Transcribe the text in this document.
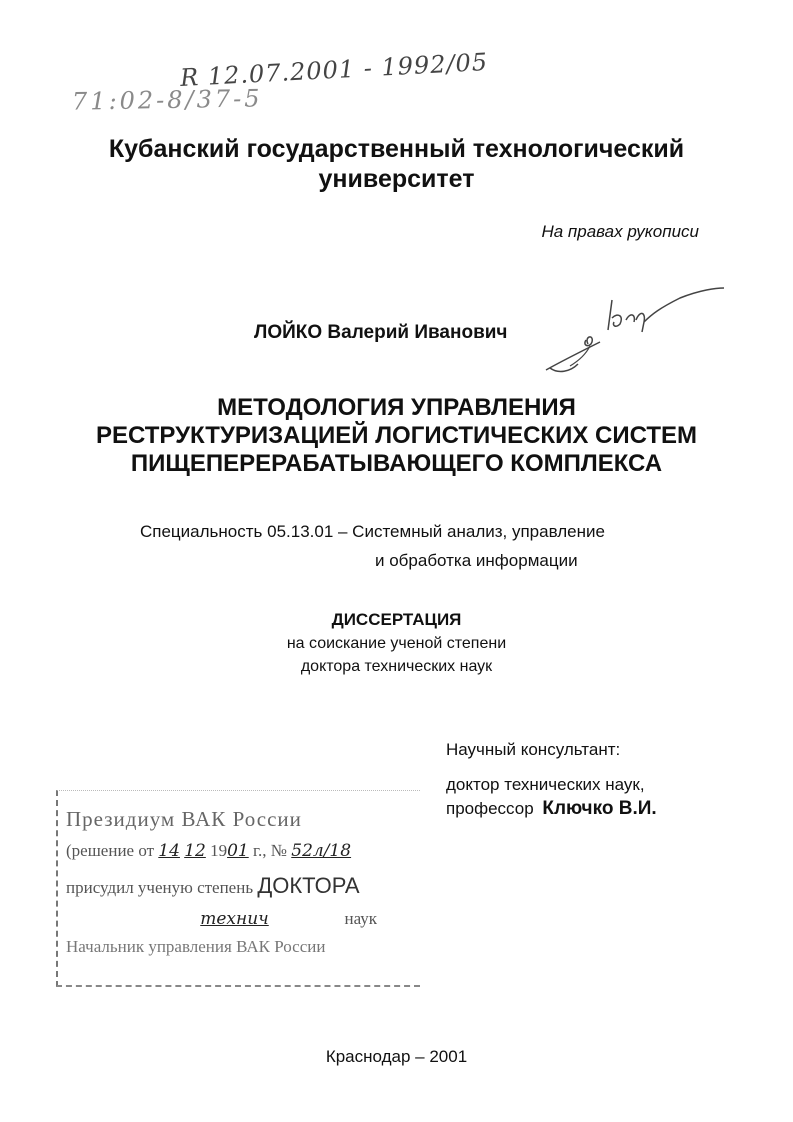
R 12.07.2001 - 1992/05
71:02-8/37-5
Кубанский государственный технологический
университет
На правах рукописи
ЛОЙКО Валерий Иванович
МЕТОДОЛОГИЯ УПРАВЛЕНИЯ
РЕСТРУКТУРИЗАЦИЕЙ ЛОГИСТИЧЕСКИХ СИСТЕМ
ПИЩЕПЕРЕРАБАТЫВАЮЩЕГО КОМПЛЕКСА
Специальность 05.13.01 – Системный анализ, управление
и обработка информации
ДИССЕРТАЦИЯ
на соискание ученой степени
доктора технических наук
Научный консультант:
доктор технических наук,
профессор Ключко В.И.
Президиум ВАК России
(решение от 14 12 1901 г., № 52л/18
присудил ученую степень ДОКТОРА
технич	наук
Начальник управления ВАК России
Краснодар – 2001
